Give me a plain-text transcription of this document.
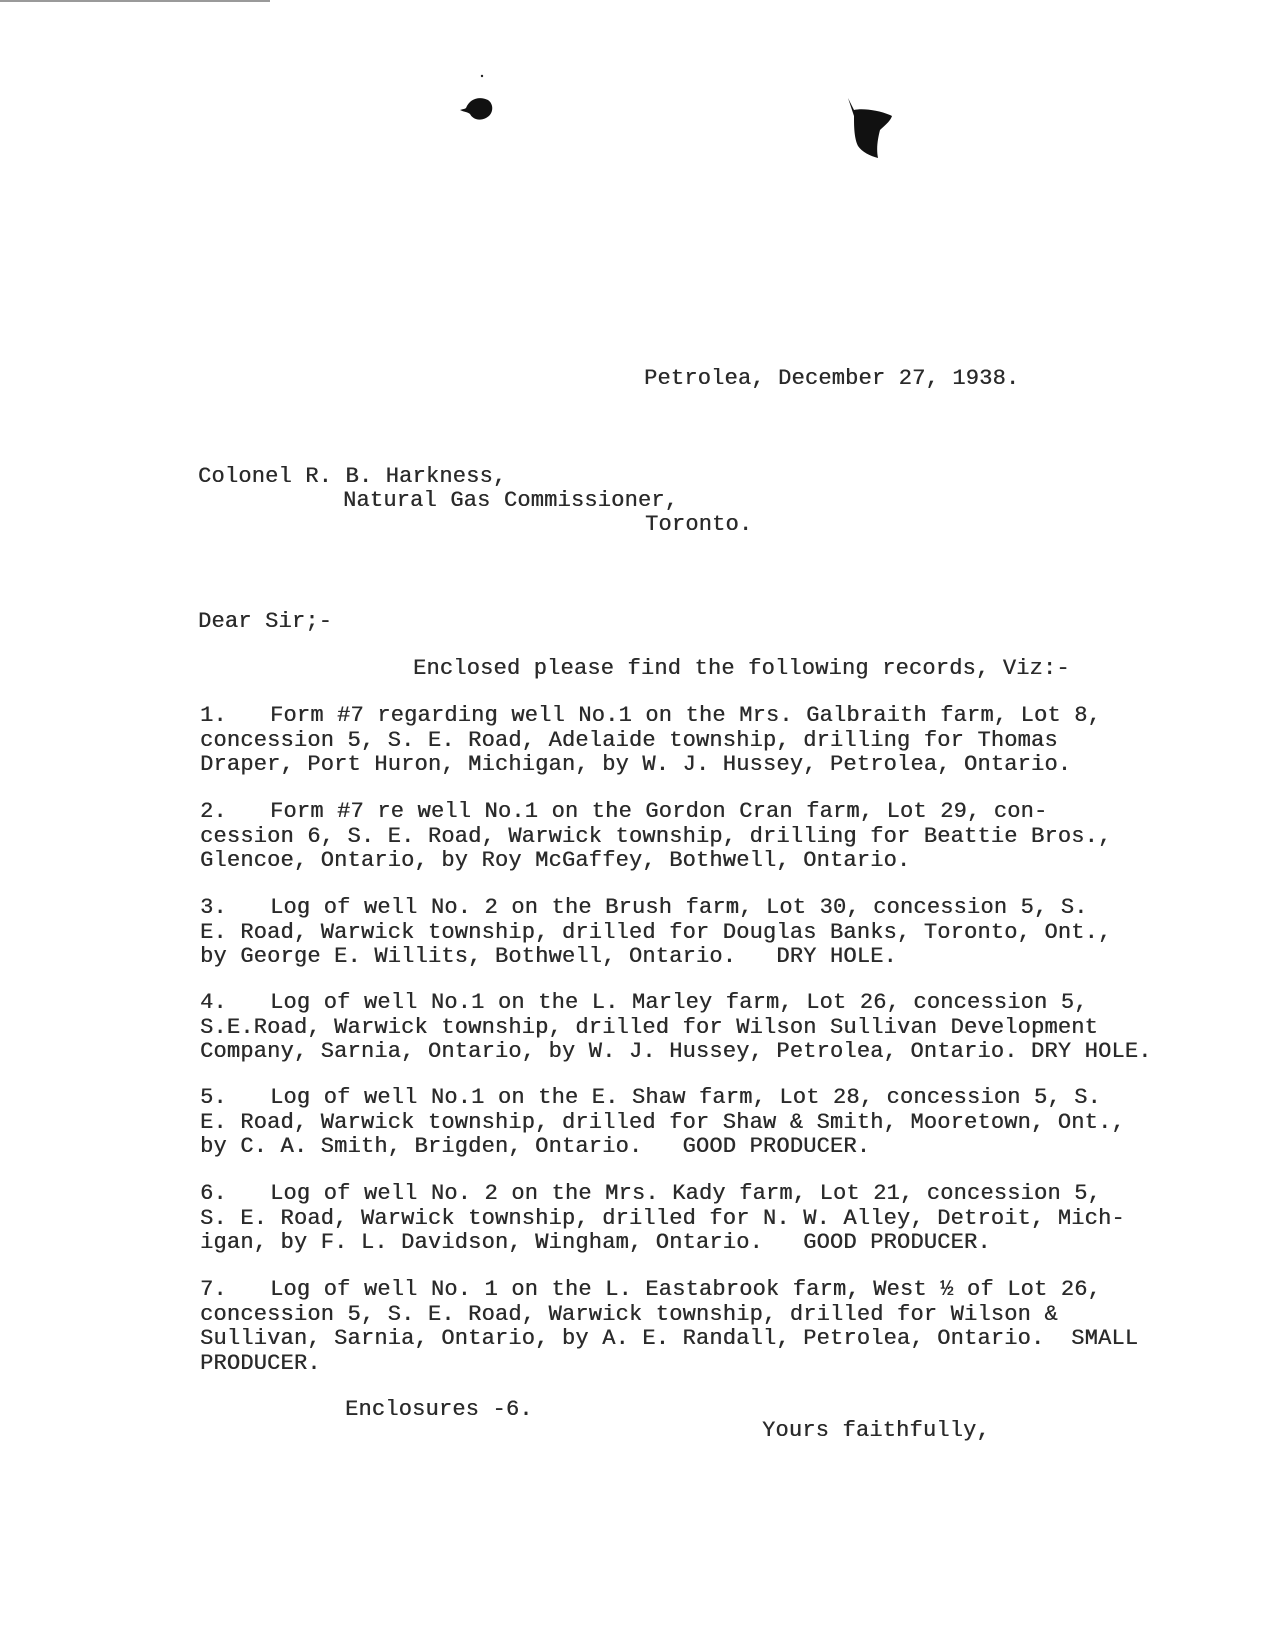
Petrolea, December 27, 1938.
Colonel R. B. Harkness,
Natural Gas Commissioner,
Toronto.
Dear Sir;-
Enclosed please find the following records, Viz:-
1. Form #7 regarding well No.1 on the Mrs. Galbraith farm, Lot 8,
concession 5, S. E. Road, Adelaide township, drilling for Thomas
Draper, Port Huron, Michigan, by W. J. Hussey, Petrolea, Ontario.
2. Form #7 re well No.1 on the Gordon Cran farm, Lot 29, con-
cession 6, S. E. Road, Warwick township, drilling for Beattie Bros.,
Glencoe, Ontario, by Roy McGaffey, Bothwell, Ontario.
3. Log of well No. 2 on the Brush farm, Lot 30, concession 5, S.
E. Road, Warwick township, drilled for Douglas Banks, Toronto, Ont.,
by George E. Willits, Bothwell, Ontario.   DRY HOLE.
4. Log of well No.1 on the L. Marley farm, Lot 26, concession 5,
S.E.Road, Warwick township, drilled for Wilson Sullivan Development
Company, Sarnia, Ontario, by W. J. Hussey, Petrolea, Ontario. DRY HOLE.
5. Log of well No.1 on the E. Shaw farm, Lot 28, concession 5, S.
E. Road, Warwick township, drilled for Shaw & Smith, Mooretown, Ont.,
by C. A. Smith, Brigden, Ontario.   GOOD PRODUCER.
6. Log of well No. 2 on the Mrs. Kady farm, Lot 21, concession 5,
S. E. Road, Warwick township, drilled for N. W. Alley, Detroit, Mich-
igan, by F. L. Davidson, Wingham, Ontario.   GOOD PRODUCER.
7. Log of well No. 1 on the L. Eastabrook farm, West ½ of Lot 26,
concession 5, S. E. Road, Warwick township, drilled for Wilson &
Sullivan, Sarnia, Ontario, by A. E. Randall, Petrolea, Ontario.  SMALL
PRODUCER.
Enclosures -6.
Yours faithfully,
